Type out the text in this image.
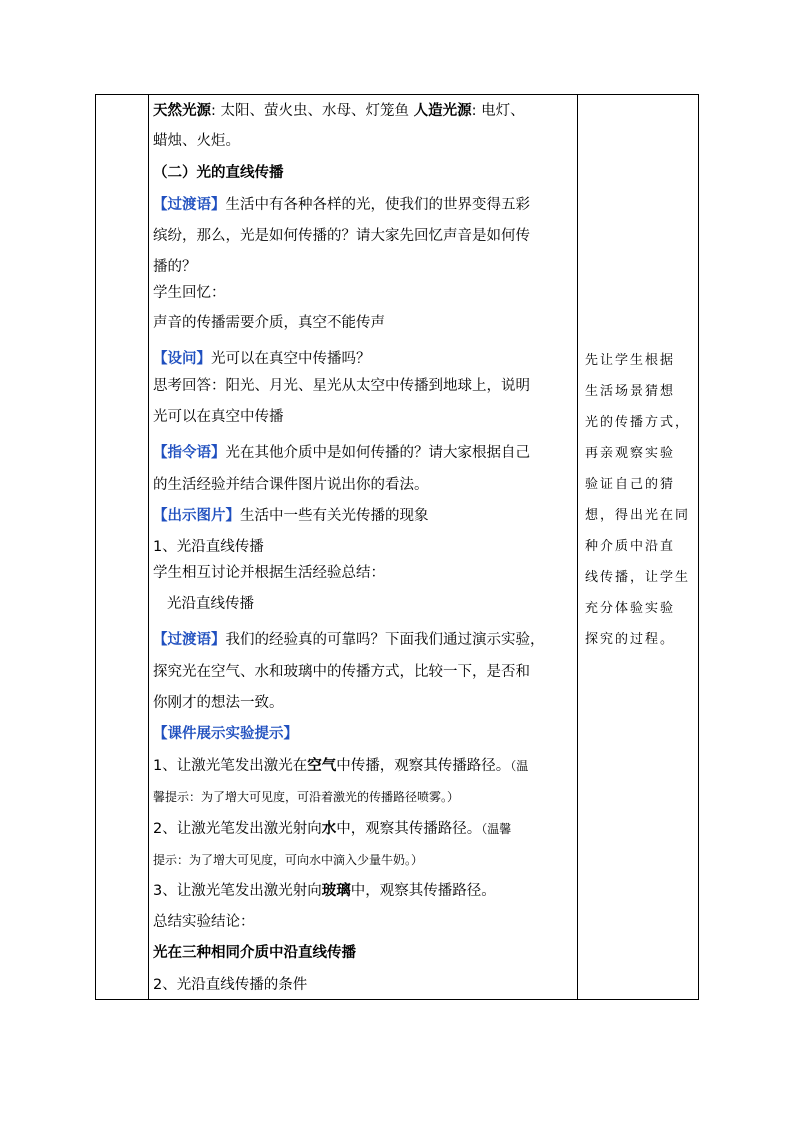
天然光源: 太阳、萤火虫、水母、灯笼鱼 人造光源: 电灯、
蜡烛、火炬。
（二）光的直线传播
【过渡语】生活中有各种各样的光，使我们的世界变得五彩
缤纷，那么，光是如何传播的？请大家先回忆声音是如何传
播的？
学生回忆：
声音的传播需要介质，真空不能传声
【设问】光可以在真空中传播吗？
思考回答：阳光、月光、星光从太空中传播到地球上，说明
光可以在真空中传播
【指令语】光在其他介质中是如何传播的？请大家根据自己
的生活经验并结合课件图片说出你的看法。
【出示图片】生活中一些有关光传播的现象
1、光沿直线传播
学生相互讨论并根据生活经验总结：
光沿直线传播
【过渡语】我们的经验真的可靠吗？下面我们通过演示实验，
探究光在空气、水和玻璃中的传播方式，比较一下，是否和
你刚才的想法一致。
【课件展示实验提示】
1、让激光笔发出激光在空气中传播，观察其传播路径。（温
馨提示：为了增大可见度，可沿着激光的传播路径喷雾。）
2、让激光笔发出激光射向水中，观察其传播路径。（温馨
提示：为了增大可见度，可向水中滴入少量牛奶。）
3、让激光笔发出激光射向玻璃中，观察其传播路径。
总结实验结论：
光在三种相同介质中沿直线传播
2、光沿直线传播的条件
先让学生根据
生活场景猜想
光的传播方式，
再亲观察实验
验证自己的猜
想，得出光在同
种介质中沿直
线传播，让学生
充分体验实验
探究的过程。
